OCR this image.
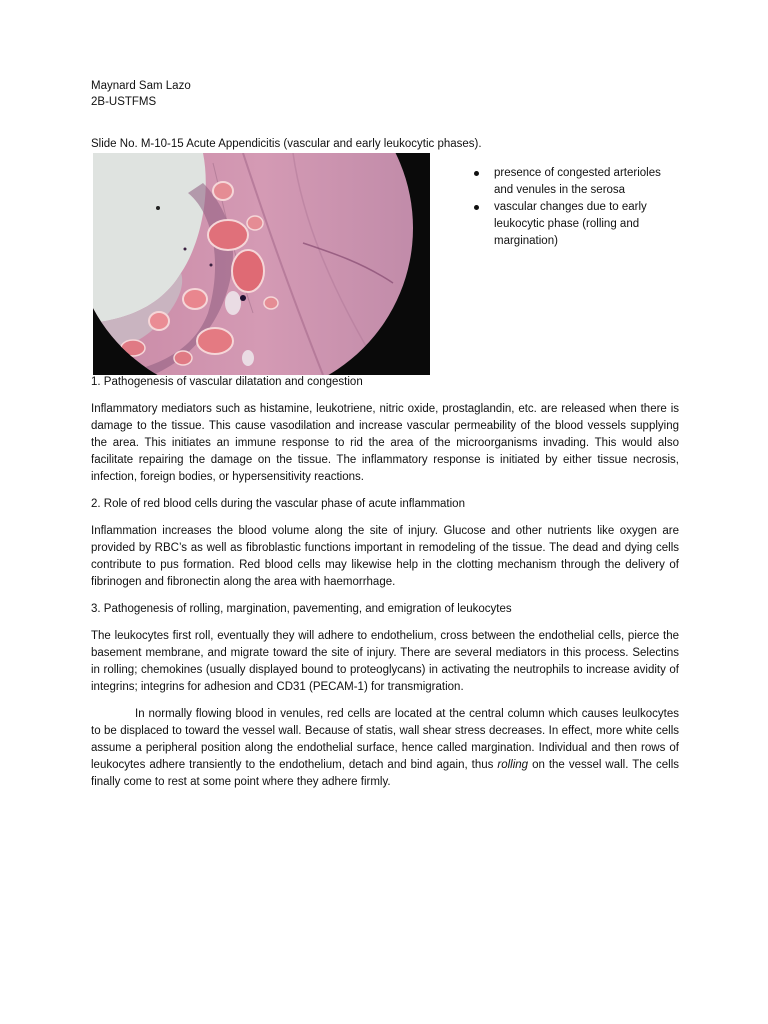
Maynard Sam Lazo
2B-USTFMS
Slide No. M-10-15 Acute Appendicitis (vascular and early leukocytic phases).
presence of congested arterioles and venules in the serosa
vascular changes due to early leukocytic phase (rolling and margination)
1. Pathogenesis of vascular dilatation and congestion

Inflammatory mediators such as histamine, leukotriene, nitric oxide, prostaglandin, etc. are released when there is damage to the tissue. This cause vasodilation and increase vascular permeability of the blood vessels supplying the area. This initiates an immune response to rid the area of the microorganisms invading. This would also facilitate repairing the damage on the tissue. The inflammatory response is initiated by either tissue necrosis, infection, foreign bodies, or hypersensitivity reactions.

2. Role of red blood cells during the vascular phase of acute inflammation

Inflammation increases the blood volume along the site of injury. Glucose and other nutrients like oxygen are provided by RBC’s as well as fibroblastic functions important in remodeling of the tissue. The dead and dying cells contribute to pus formation. Red blood cells may likewise help in the clotting mechanism through the delivery of fibrinogen and fibronectin along the area with haemorrhage.

3. Pathogenesis of rolling, margination, pavementing, and emigration of leukocytes

The leukocytes first roll, eventually they will adhere to endothelium, cross between the endothelial cells, pierce the basement membrane, and migrate toward the site of injury. There are several mediators in this process. Selectins in rolling; chemokines (usually displayed bound to proteoglycans) in activating the neutrophils to increase avidity of integrins; integrins for adhesion and CD31 (PECAM-1) for transmigration.

In normally flowing blood in venules, red cells are located at the central column which causes leulkocytes to be displaced to toward the vessel wall. Because of statis, wall shear stress decreases. In effect, more white cells assume a peripheral position along the endothelial surface, hence called margination. Individual and then rows of leukocytes adhere transiently to the endothelium, detach and bind again, thus rolling on the vessel wall. The cells finally come to rest at some point where they adhere firmly.
